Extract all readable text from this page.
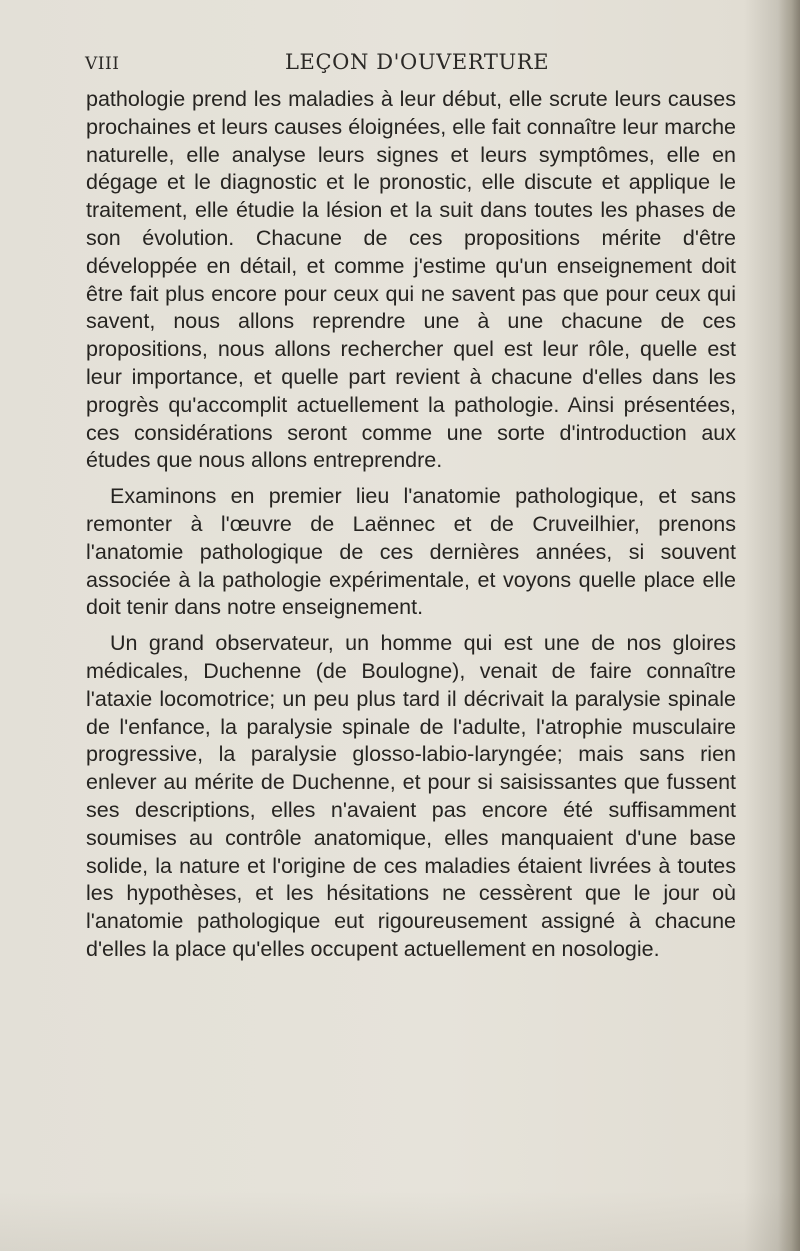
VIII	LEÇON D'OUVERTURE

pathologie prend les maladies à leur début, elle scrute leurs causes prochaines et leurs causes éloignées, elle fait connaître leur marche naturelle, elle analyse leurs signes et leurs symptômes, elle en dégage et le diagnostic et le pronostic, elle discute et applique le traitement, elle étudie la lésion et la suit dans toutes les phases de son évolution. Chacune de ces propositions mérite d'être développée en détail, et comme j'estime qu'un enseignement doit être fait plus encore pour ceux qui ne savent pas que pour ceux qui savent, nous allons reprendre une à une chacune de ces propositions, nous allons rechercher quel est leur rôle, quelle est leur importance, et quelle part revient à chacune d'elles dans les progrès qu'accomplit actuellement la pathologie. Ainsi présentées, ces considérations seront comme une sorte d'introduction aux études que nous allons entreprendre.

Examinons en premier lieu l'anatomie pathologique, et sans remonter à l'œuvre de Laënnec et de Cruveilhier, prenons l'anatomie pathologique de ces dernières années, si souvent associée à la pathologie expérimentale, et voyons quelle place elle doit tenir dans notre enseignement.

Un grand observateur, un homme qui est une de nos gloires médicales, Duchenne (de Boulogne), venait de faire connaître l'ataxie locomotrice; un peu plus tard il décrivait la paralysie spinale de l'enfance, la paralysie spinale de l'adulte, l'atrophie musculaire progressive, la paralysie glosso-labio-laryngée; mais sans rien enlever au mérite de Duchenne, et pour si saisissantes que fussent ses descriptions, elles n'avaient pas encore été suffisamment soumises au contrôle anatomique, elles manquaient d'une base solide, la nature et l'origine de ces maladies étaient livrées à toutes les hypothèses, et les hésitations ne cessèrent que le jour où l'anatomie pathologique eut rigoureusement assigné à chacune d'elles la place qu'elles occupent actuellement en nosologie.
